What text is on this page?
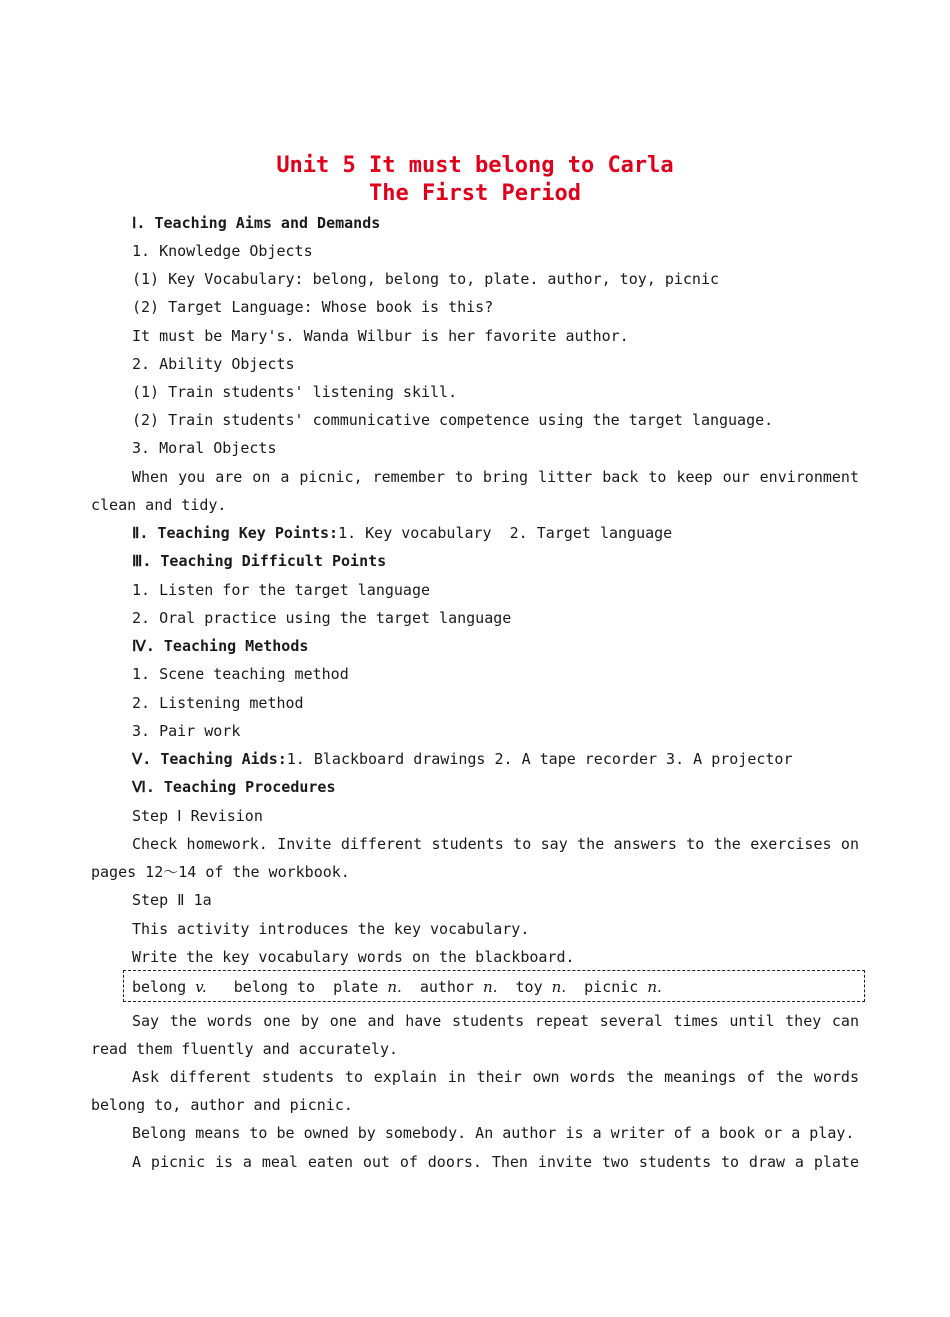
Unit 5 It must belong to Carla
The First Period
Ⅰ. Teaching Aims and Demands
1. Knowledge Objects
(1) Key Vocabulary: belong, belong to, plate. author, toy, picnic
(2) Target Language: Whose book is this?
It must be Mary's. Wanda Wilbur is her favorite author.
2. Ability Objects
(1) Train students' listening skill.
(2) Train students' communicative competence using the target language.
3. Moral Objects
When you are on a picnic, remember to bring litter back to keep our environment
clean and tidy.
Ⅱ. Teaching Key Points:1. Key vocabulary  2. Target language
Ⅲ. Teaching Difficult Points
1. Listen for the target language
2. Oral practice using the target language
Ⅳ. Teaching Methods
1. Scene teaching method
2. Listening method
3. Pair work
Ⅴ. Teaching Aids:1. Blackboard drawings 2. A tape recorder 3. A projector
Ⅵ. Teaching Procedures
Step Ⅰ Revision
Check homework. Invite different students to say the answers to the exercises on
pages 12～14 of the workbook.
Step Ⅱ 1a
This activity introduces the key vocabulary.
Write the key vocabulary words on the blackboard.
belong v. belong to plate n. author n. toy n. picnic n.
Say the words one by one and have students repeat several times until they can
read them fluently and accurately.
Ask different students to explain in their own words the meanings of the words
belong to, author and picnic.
Belong means to be owned by somebody. An author is a writer of a book or a play.
A picnic is a meal eaten out of doors. Then invite two students to draw a plate
